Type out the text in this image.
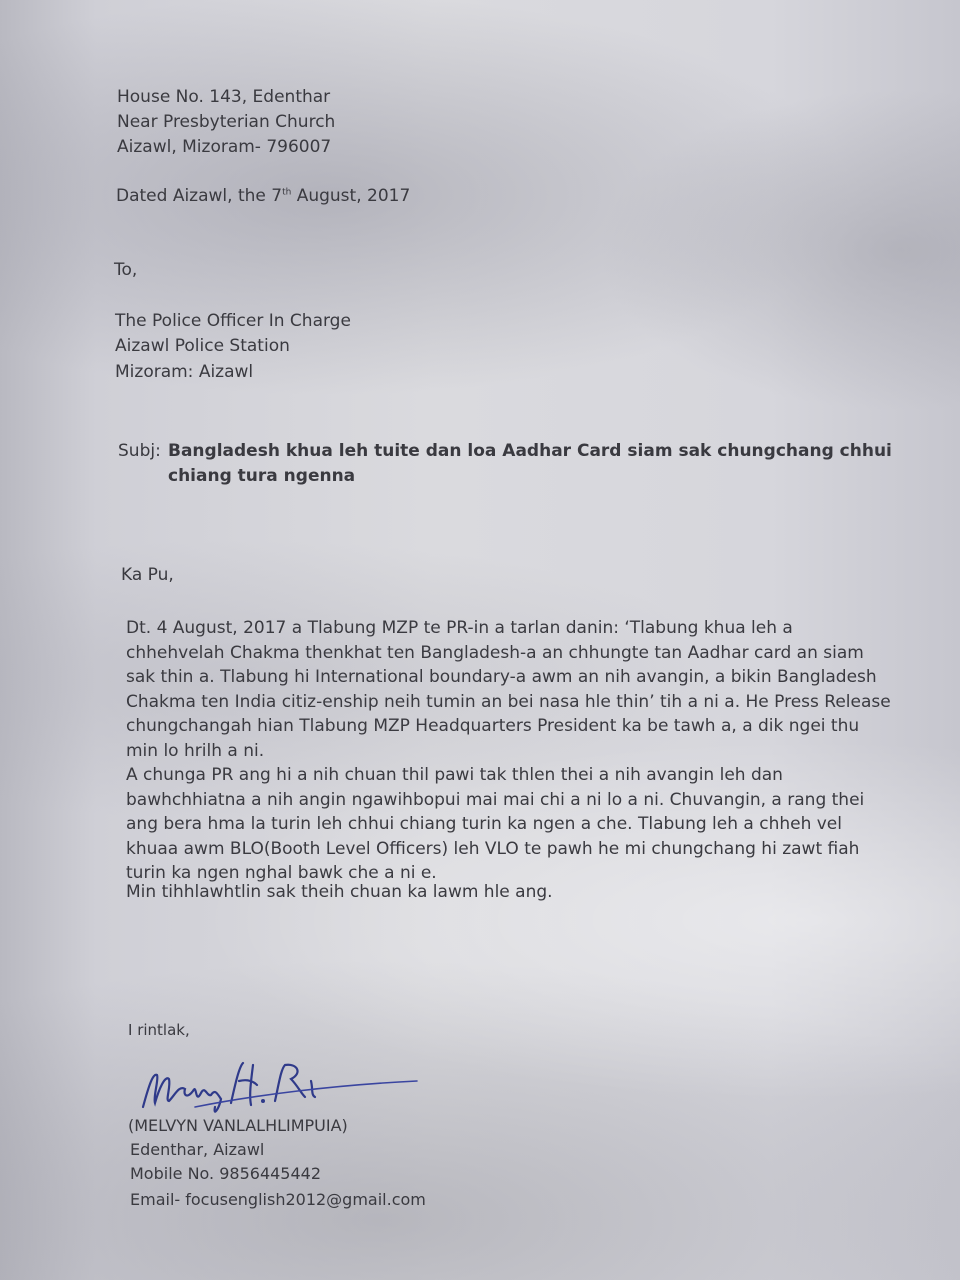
House No. 143, Edenthar
Near Presbyterian Church
Aizawl, Mizoram- 796007
Dated Aizawl, the 7th August, 2017
To,
The Police Officer In Charge
Aizawl Police Station
Mizoram: Aizawl
Subj: Bangladesh khua leh tuite dan loa Aadhar Card siam sak chungchang chhui chiang tura ngenna
Ka Pu,
Dt. 4 August, 2017 a Tlabung MZP te PR-in a tarlan danin: ‘Tlabung khua leh a chhehvelah Chakma thenkhat ten Bangladesh-a an chhungte tan Aadhar card an siam sak thin a. Tlabung hi International boundary-a awm an nih avangin, a bikin Bangladesh Chakma ten India citiz-enship neih tumin an bei nasa hle thin’ tih a ni a. He Press Release chungchangah hian Tlabung MZP Headquarters President ka be tawh a, a dik ngei thu min lo hrilh a ni.
A chunga PR ang hi a nih chuan thil pawi tak thlen thei a nih avangin leh dan bawhchhiatna a nih angin ngawihbopui mai mai chi a ni lo a ni. Chuvangin, a rang thei ang bera hma la turin leh chhui chiang turin ka ngen a che. Tlabung leh a chheh vel khuaa awm BLO(Booth Level Officers) leh VLO te pawh he mi chungchang hi zawt fiah turin ka ngen nghal bawk che a ni e.
Min tihhlawhtlin sak theih chuan ka lawm hle ang.
I rintlak,
(MELVYN VANLALHLIMPUIA)
Edenthar, Aizawl
Mobile No. 9856445442
Email- focusenglish2012@gmail.com
